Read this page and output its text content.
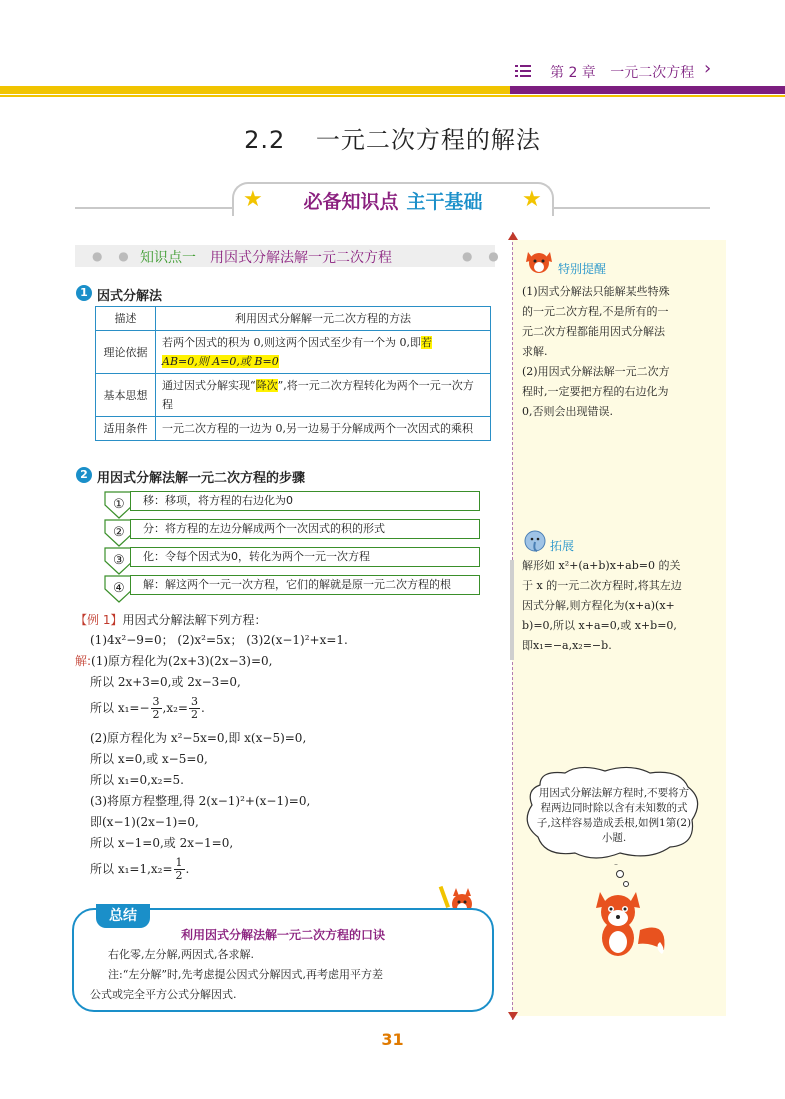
第 2 章 一元二次方程 ›
2.2 一元二次方程的解法
★	★
必备知识点 主干基础
● ●	● ●
知识点一 用因式分解法解一元二次方程
1 因式分解法
描述	利用因式分解解一元二次方程的方法
理论依据	若两个因式的积为 0,则这两个因式至少有一个为 0,即若
AB=0,则 A=0,或 B=0
基本思想	通过因式分解实现“降次”,将一元二次方程转化为两个一元一次方程
适用条件	一元二次方程的一边为 0,另一边易于分解成两个一次因式的乘积
2 用因式分解法解一元二次方程的步骤
①	移：移项，将方程的右边化为0
②	分：将方程的左边分解成两个一次因式的积的形式
③	化：令每个因式为0，转化为两个一元一次方程
④	解：解这两个一元一次方程，它们的解就是原一元二次方程的根
【例 1】用因式分解法解下列方程：
(1)4x²−9=0； (2)x²=5x； (3)2(x−1)²+x=1.
解:(1)原方程化为(2x+3)(2x−3)=0,
所以 2x+3=0,或 2x−3=0,
所以 $x_1=- \frac{3}{2} ,x_2= \frac{3}{2}$ .
(2)原方程化为 x²−5x=0,即 x(x−5)=0,
所以 x=0,或 x−5=0,
所以 x₁=0,x₂=5.
(3)将原方程整理,得 2(x−1)²+(x−1)=0,
即(x−1)(2x−1)=0,
所以 x−1=0,或 2x−1=0,
所以 $x_1=1,x_2= \frac{1}{2}$ .
总结
利用因式分解法解一元二次方程的口诀
右化零,左分解,两因式,各求解.
注:“左分解”时,先考虑提公因式分解因式,再考虑用平方差
公式或完全平方公式分解因式.
特别提醒
(1)因式分解法只能解某些特殊
的一元二次方程,不是所有的一
元二次方程都能用因式分解法
求解.
(2)用因式分解法解一元二次方
程时,一定要把方程的右边化为
0,否则会出现错误.
拓展
解形如 x²+(a+b)x+ab=0 的关
于 x 的一元二次方程时,将其左边
因式分解,则方程化为(x+a)(x+
b)=0,所以 x+a=0,或 x+b=0,
即x₁=−a,x₂=−b.
用因式分解法解方程时,不要将方程两边同时除以含有未知数的式子,这样容易造成丢根,如例1第(2)小题.
31
